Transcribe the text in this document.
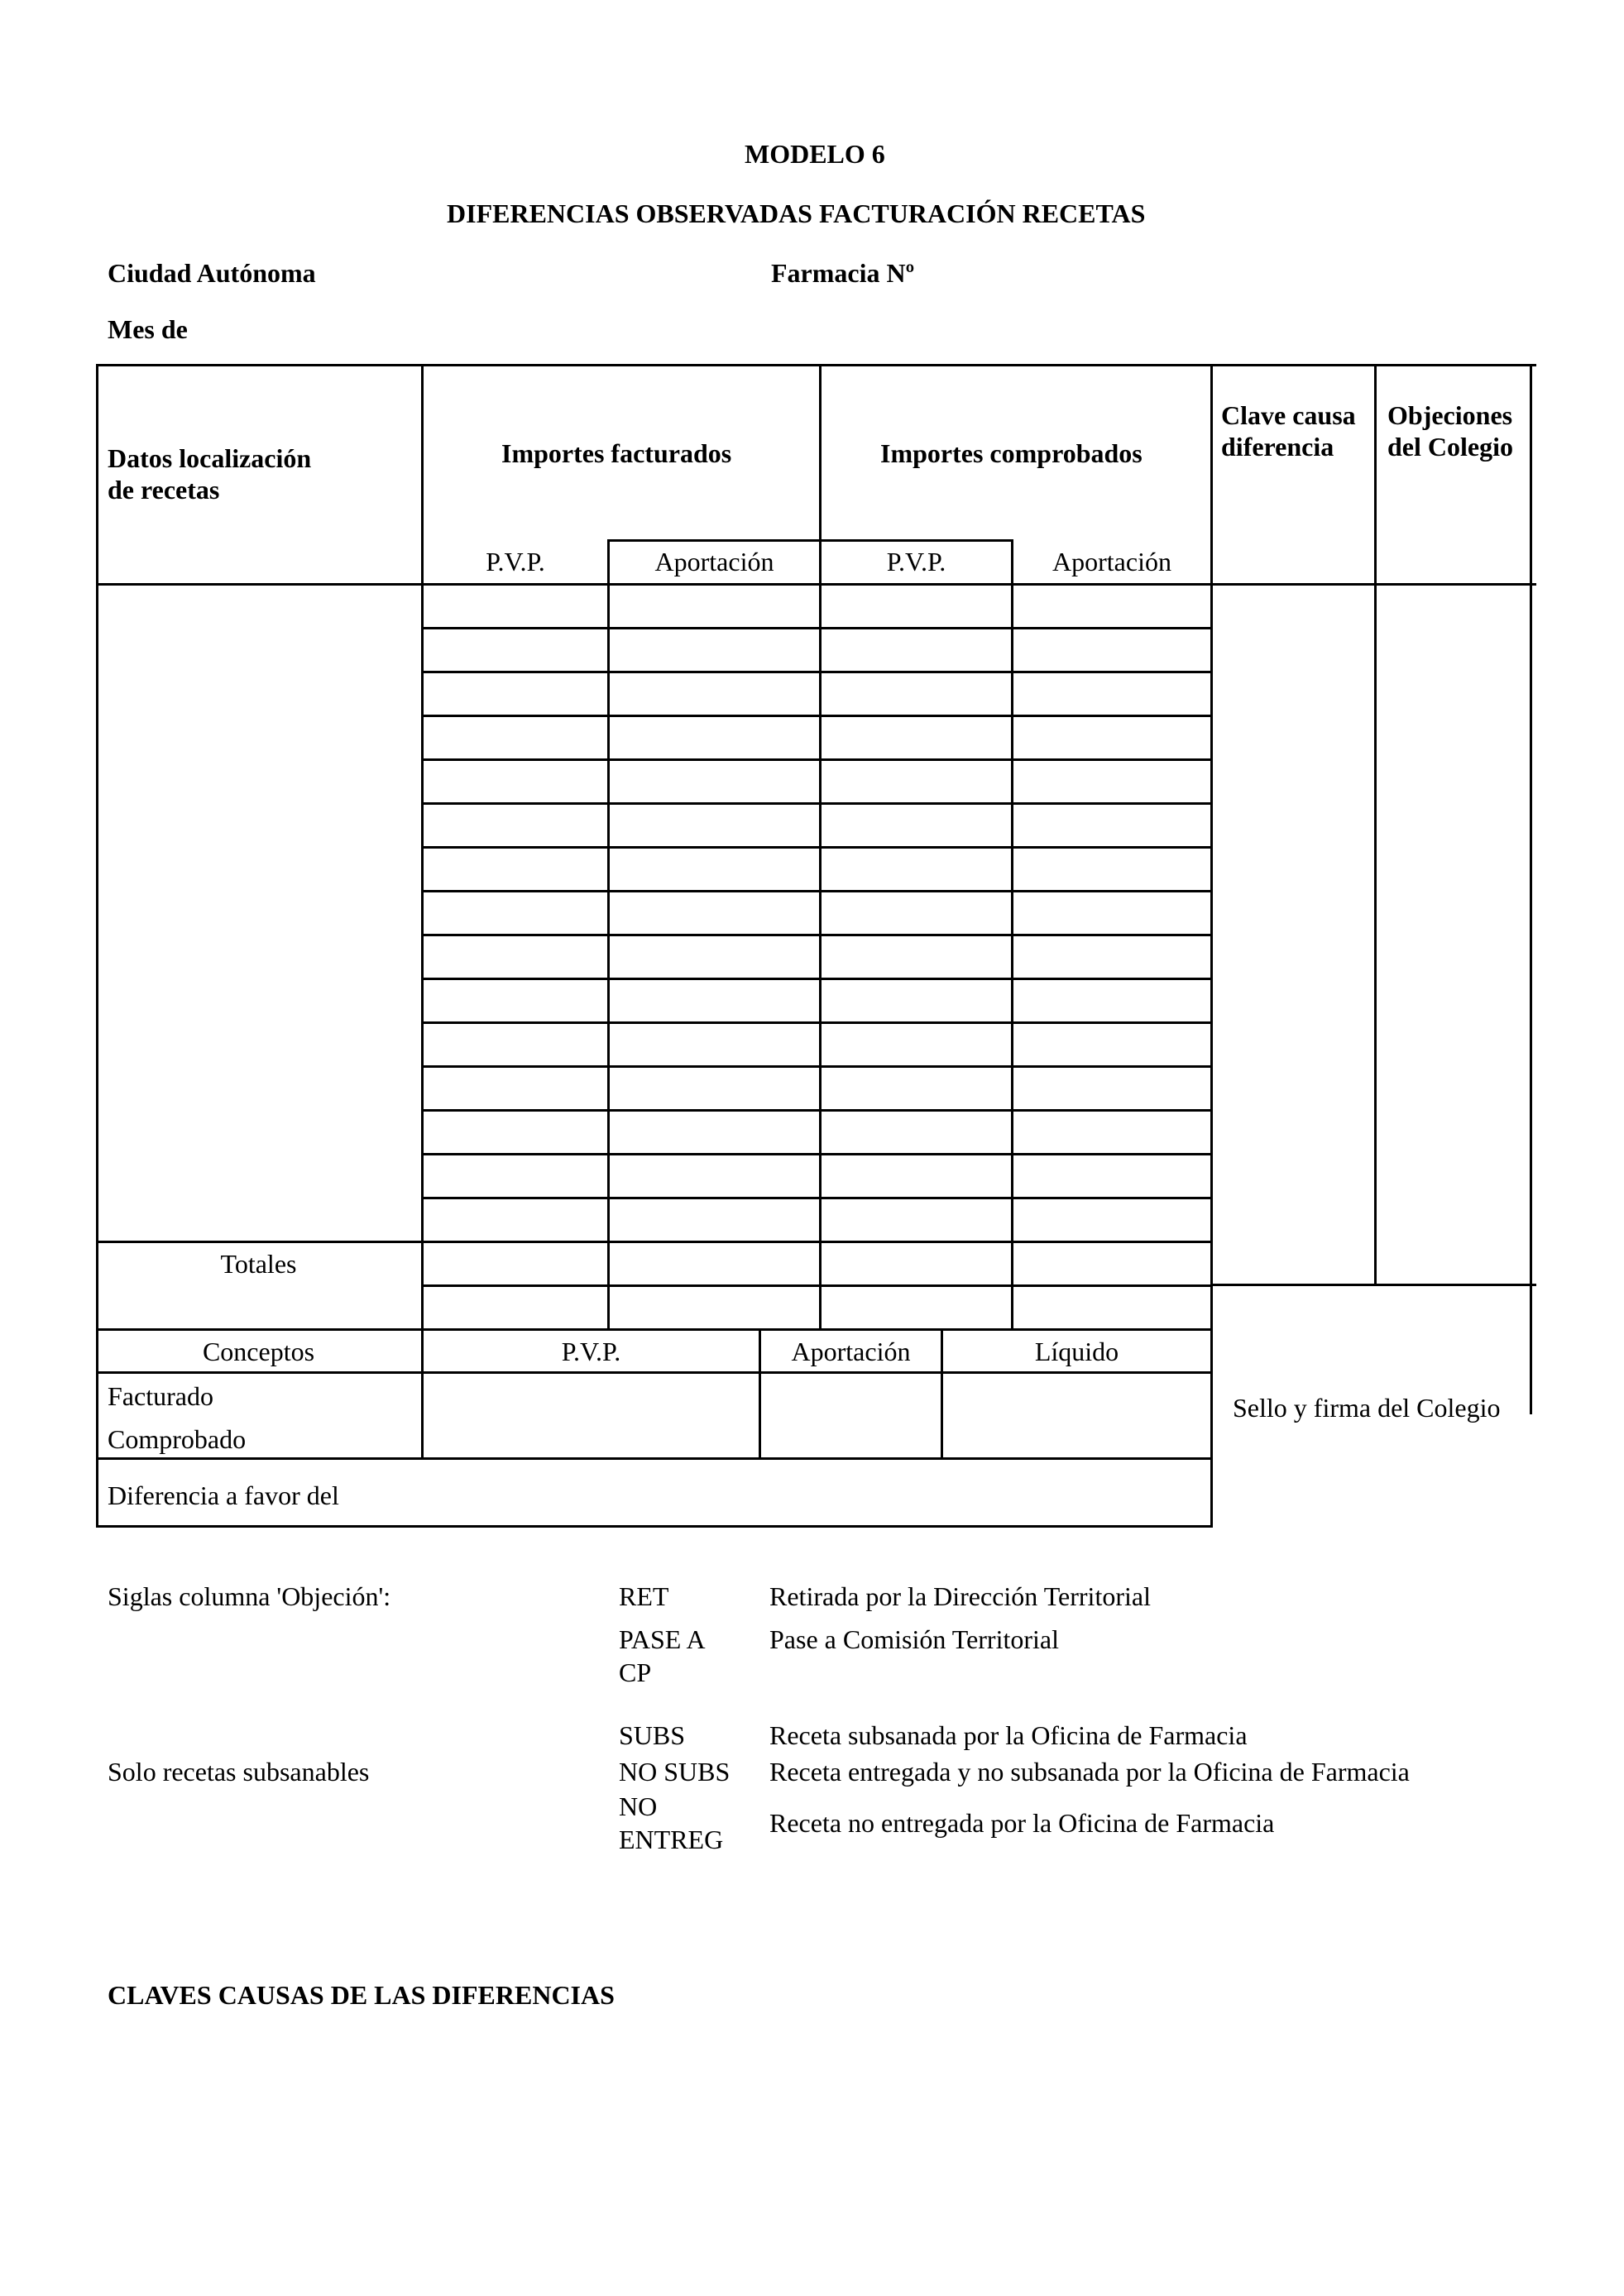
MODELO 6
DIFERENCIAS OBSERVADAS FACTURACIÓN RECETAS
Ciudad Autónoma	Farmacia Nº
Mes de
Datos localización
de recetas
Importes facturados	Importes comprobados
Clave causa
diferencia
Objeciones
del Colegio
P.V.P.	Aportación	P.V.P.	Aportación
Totales
Conceptos	P.V.P.	Aportación	Líquido
Facturado
Comprobado
Diferencia a favor del
Sello y firma del Colegio
Siglas columna 'Objeción':
Solo recetas subsanables
RET	Retirada por la Dirección Territorial
PASE A
CP
Pase a Comisión Territorial
SUBS	Receta subsanada por la Oficina de Farmacia
NO SUBS Receta entregada y no subsanada por la Oficina de Farmacia
NO
ENTREG
Receta no entregada por la Oficina de Farmacia
CLAVES CAUSAS DE LAS DIFERENCIAS
